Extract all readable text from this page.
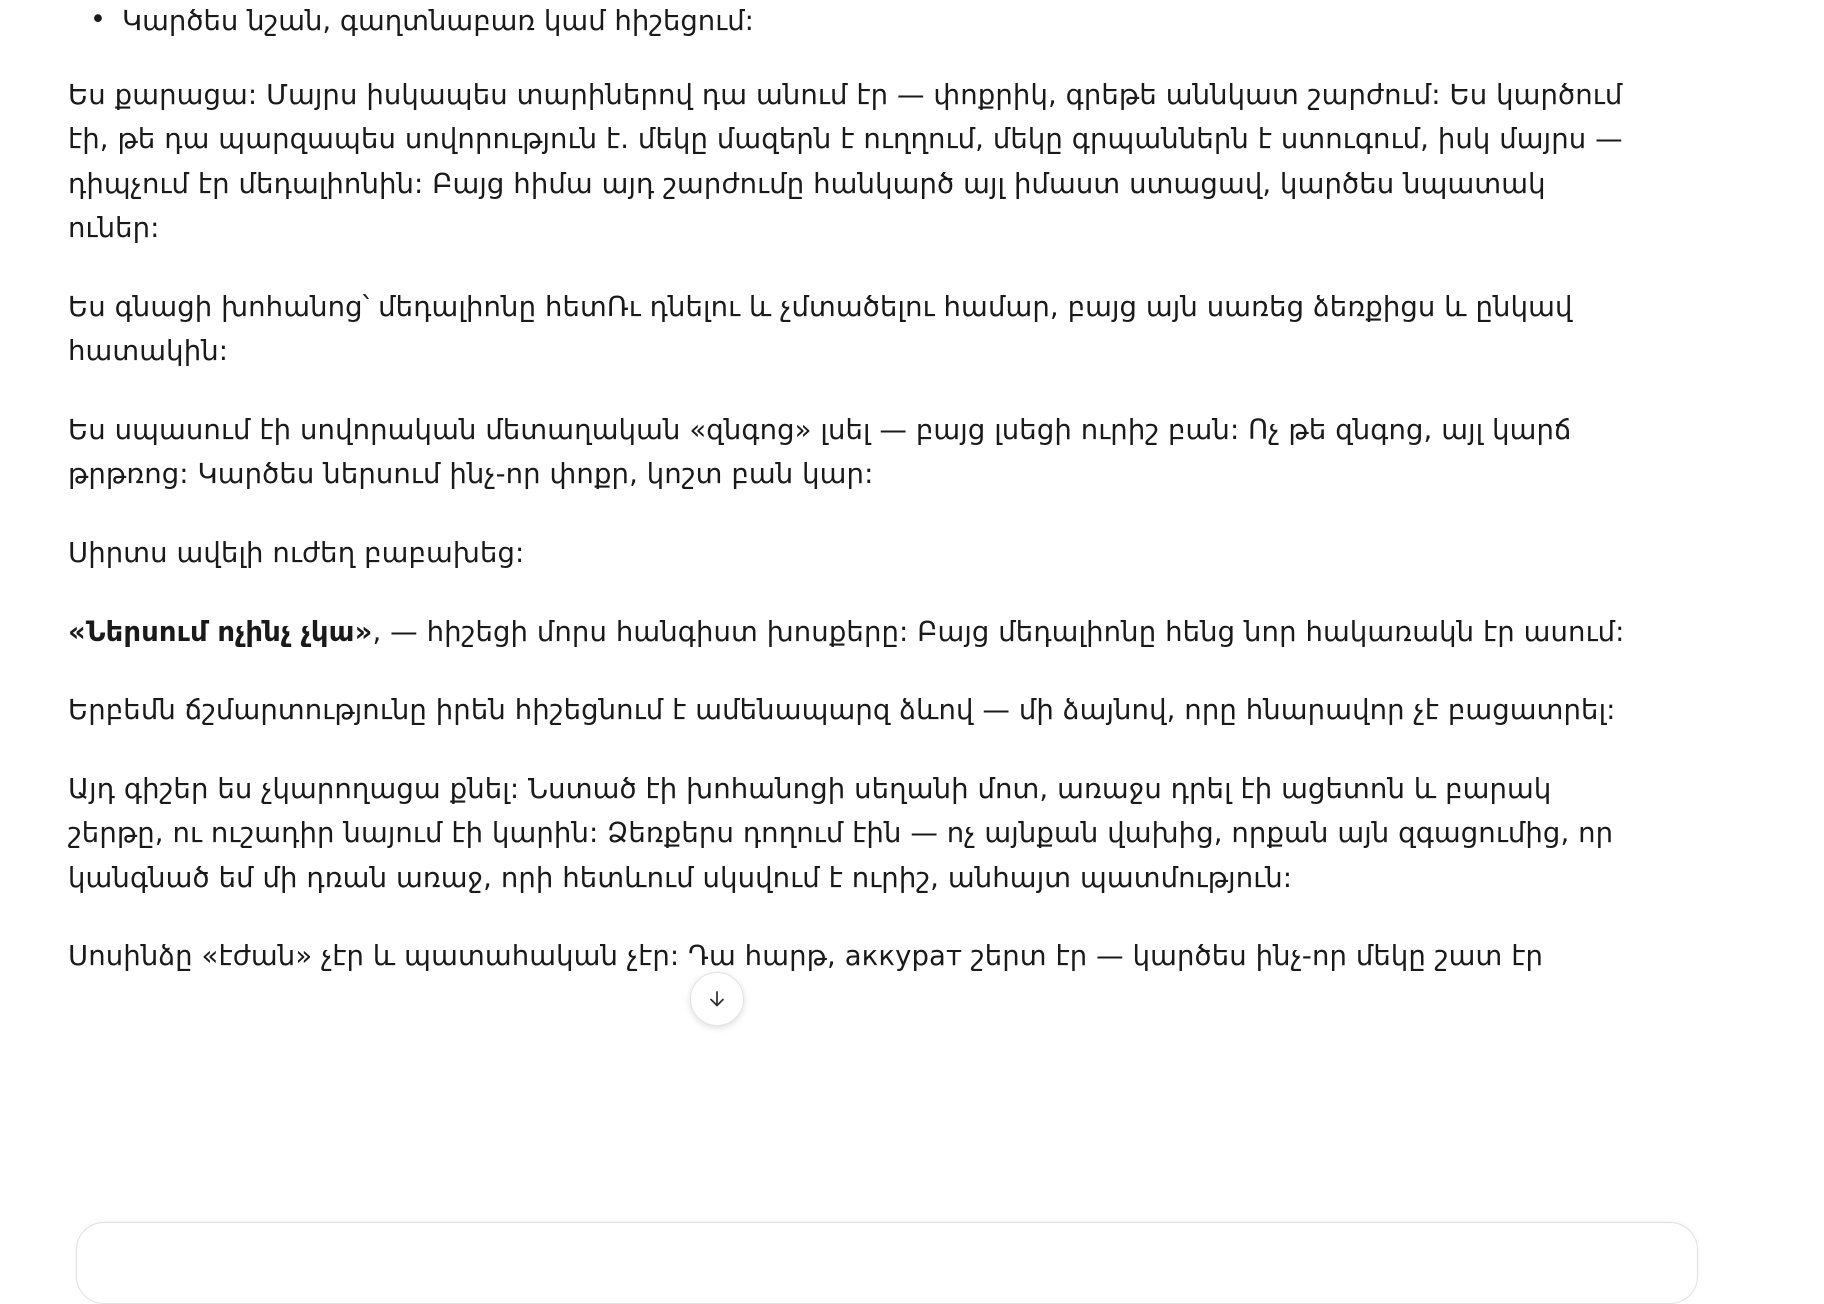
• Կարծես նշան, գաղտնաբառ կամ հիշեցում:

Ես քարացա: Մայրս իսկապես տարիներով դա անում էր — փոքրիկ, գրեթե աննկատ շարժում: Ես կարծում էի, թե դա պարզապես սովորություն է. մեկը մազերն է ուղղում, մեկը գրպաններն է ստուգում, իսկ մայրս — դիպչում էր մեդալիոնին: Բայց հիմա այդ շարժումը հանկարծ այլ իմաստ ստացավ, կարծես նպատակ ուներ:

Ես գնացի խոհանոց՝ մեդալիոնը հետՌւ դնելու և չմտածելու համար, բայց այն սառեց ձեռքիցս և ընկավ հատակին:

Ես սպասում էի սովորական մետաղական «զնգոց» լսել — բայց լսեցի ուրիշ բան: Ոչ թե զնգոց, այլ կարճ թրթռոց: Կարծես ներսում ինչ-որ փոքր, կոշտ բան կար:

Սիրտս ավելի ուժեղ բաբախեց:

«Ներսում ոչինչ չկա», — հիշեցի մորս հանգիստ խոսքերը: Բայց մեդալիոնը հենց նոր հակառակն էր ասում:

Երբեմն ճշմարտությունը իրեն հիշեցնում է ամենապարզ ձևով — մի ձայնով, որը հնարավոր չէ բացատրել:

Այդ գիշեր ես չկարողացա քնել: Նստած էի խոհանոցի սեղանի մոտ, առաջս դրել էի ացետոն և բարակ շերթը, ու ուշադիր նայում էի կարին: Ձեռքերս դողում էին — ոչ այնքան վախից, որքան այն զգացումից, որ կանգնած եմ մի դռան առաջ, որի հետևում սկսվում է ուրիշ, անհայտ պատմություն:

Սոսինձը «էժան» չէր և պատահական չէր: Դա հարթ, аккурат շերտ էր — կարծես ինչ-որ մեկը շատ էր
